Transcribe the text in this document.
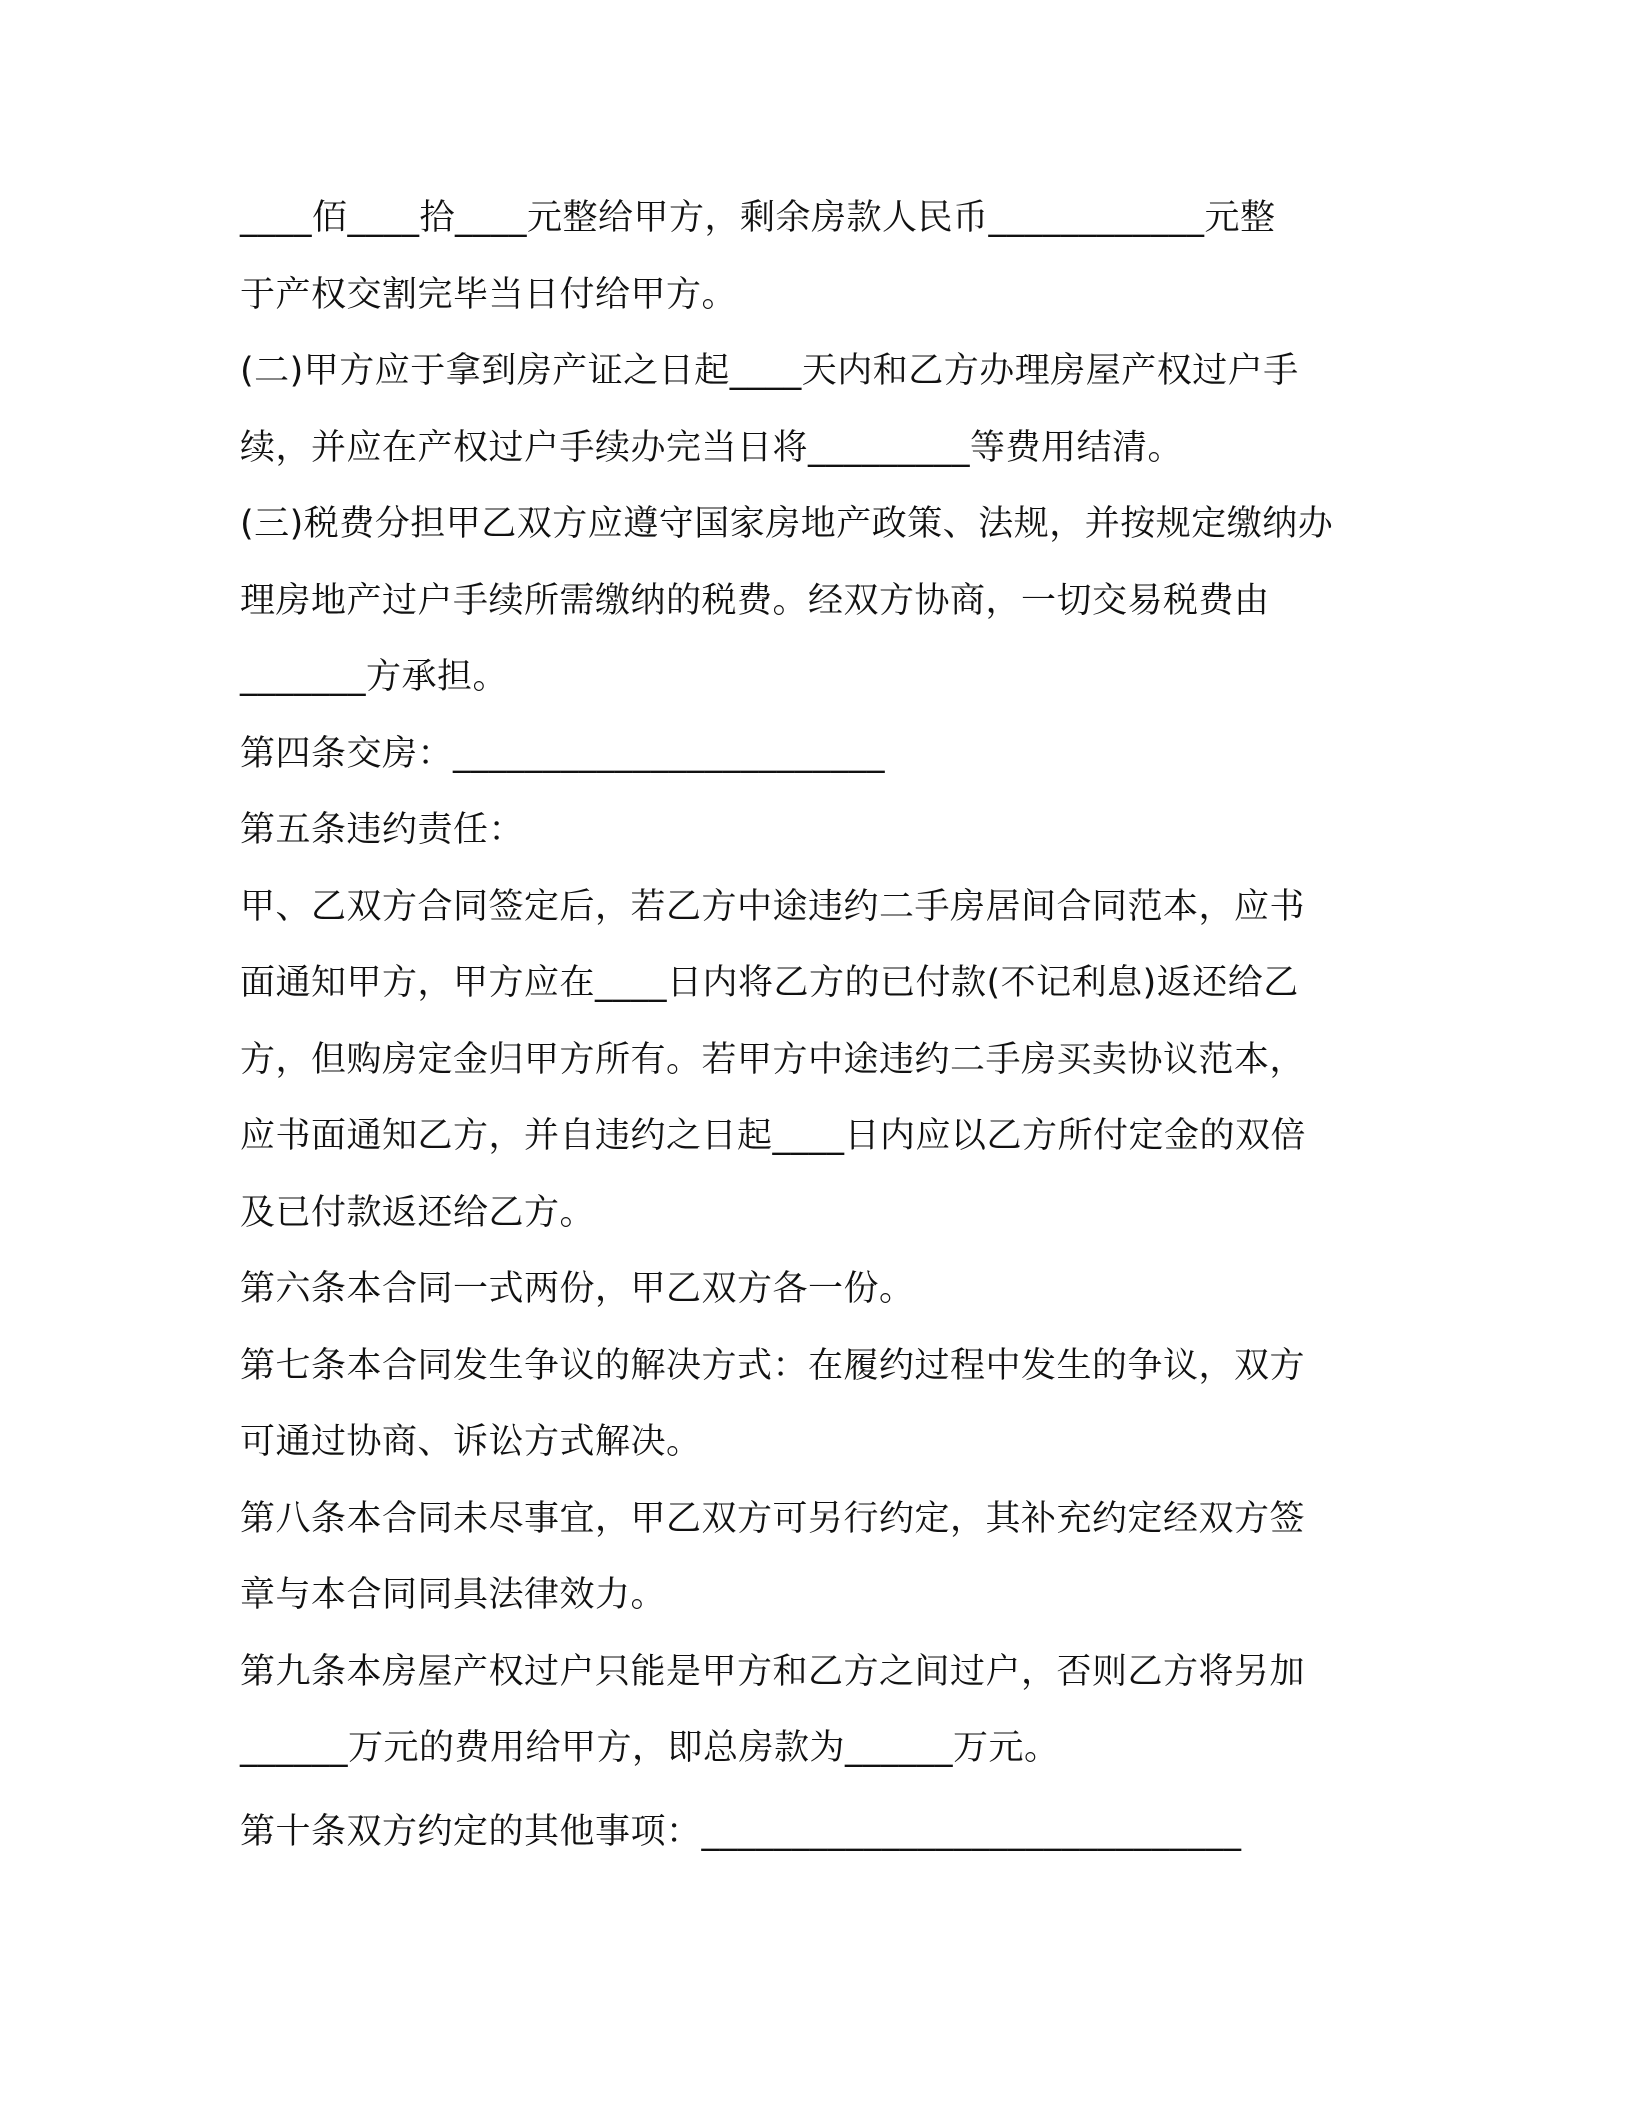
____佰____拾____元整给甲方，剩余房款人民币____________元整
于产权交割完毕当日付给甲方。
(二)甲方应于拿到房产证之日起____天内和乙方办理房屋产权过户手
续，并应在产权过户手续办完当日将_________等费用结清。
(三)税费分担甲乙双方应遵守国家房地产政策、法规，并按规定缴纳办
理房地产过户手续所需缴纳的税费。经双方协商，一切交易税费由
_______方承担。
第四条交房：________________________
第五条违约责任：
甲、乙双方合同签定后，若乙方中途违约二手房居间合同范本，应书
面通知甲方，甲方应在____日内将乙方的已付款(不记利息)返还给乙
方，但购房定金归甲方所有。若甲方中途违约二手房买卖协议范本，
应书面通知乙方，并自违约之日起____日内应以乙方所付定金的双倍
及已付款返还给乙方。
第六条本合同一式两份，甲乙双方各一份。
第七条本合同发生争议的解决方式：在履约过程中发生的争议，双方
可通过协商、诉讼方式解决。
第八条本合同未尽事宜，甲乙双方可另行约定，其补充约定经双方签
章与本合同同具法律效力。
第九条本房屋产权过户只能是甲方和乙方之间过户，否则乙方将另加
______万元的费用给甲方，即总房款为______万元。
第十条双方约定的其他事项：______________________________
